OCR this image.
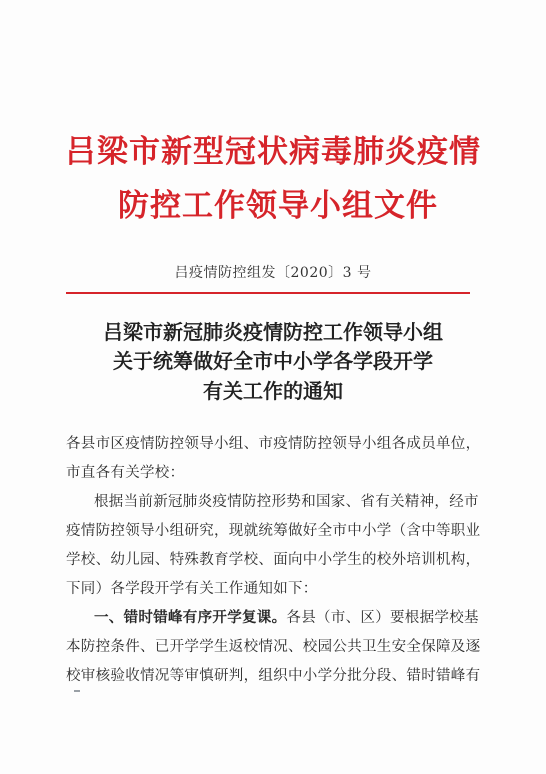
吕梁市新型冠状病毒肺炎疫情
防控工作领导小组文件
吕疫情防控组发〔2020〕3 号
吕梁市新冠肺炎疫情防控工作领导小组
关于统筹做好全市中小学各学段开学
有关工作的通知
各县市区疫情防控领导小组、市疫情防控领导小组各成员单位，
市直各有关学校：
根据当前新冠肺炎疫情防控形势和国家、省有关精神，经市
疫情防控领导小组研究，现就统筹做好全市中小学（含中等职业
学校、幼儿园、特殊教育学校、面向中小学生的校外培训机构，
下同）各学段开学有关工作通知如下：
一、错时错峰有序开学复课。各县（市、区）要根据学校基
本防控条件、已开学学生返校情况、校园公共卫生安全保障及逐
校审核验收情况等审慎研判，组织中小学分批分段、错时错峰有
